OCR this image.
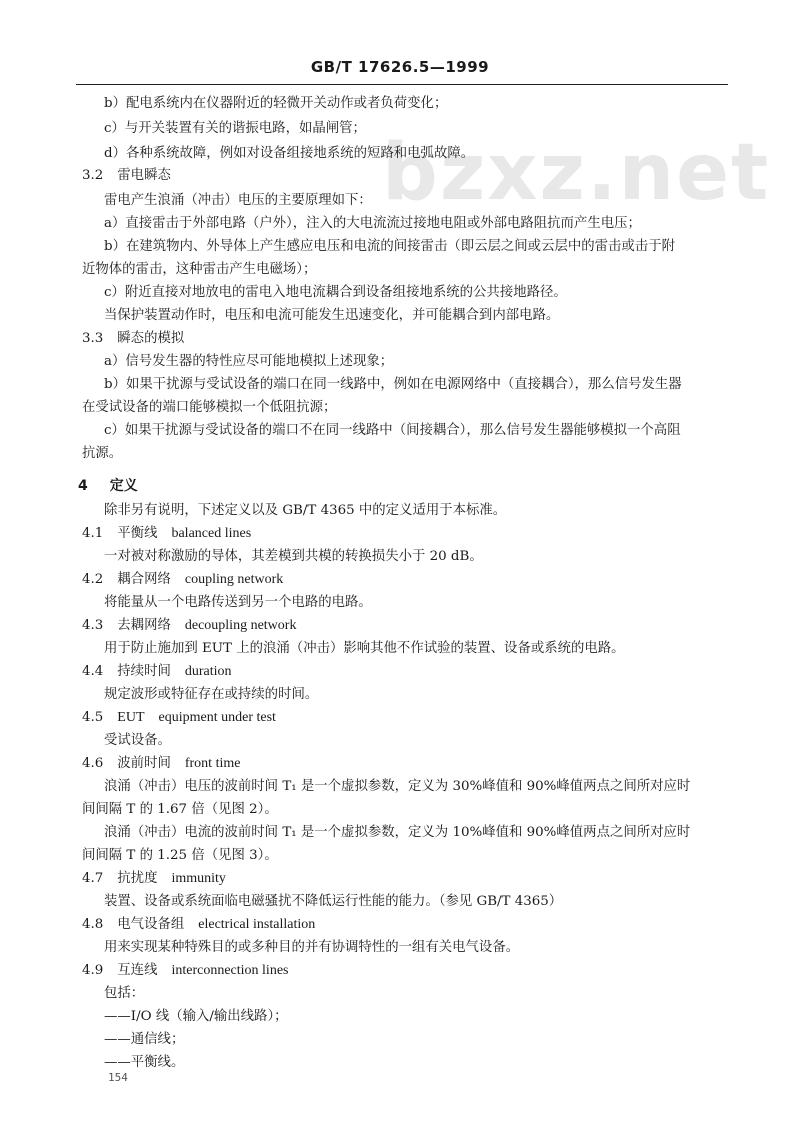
GB/T 17626.5—1999
bzxz.net
b）配电系统内在仪器附近的轻微开关动作或者负荷变化；
c）与开关装置有关的谐振电路，如晶闸管；
d）各种系统故障，例如对设备组接地系统的短路和电弧故障。
3.2 雷电瞬态
雷电产生浪涌（冲击）电压的主要原理如下：
a）直接雷击于外部电路（户外），注入的大电流流过接地电阻或外部电路阻抗而产生电压；
b）在建筑物内、外导体上产生感应电压和电流的间接雷击（即云层之间或云层中的雷击或击于附
近物体的雷击，这种雷击产生电磁场）；
c）附近直接对地放电的雷电入地电流耦合到设备组接地系统的公共接地路径。
当保护装置动作时，电压和电流可能发生迅速变化，并可能耦合到内部电路。
3.3 瞬态的模拟
a）信号发生器的特性应尽可能地模拟上述现象；
b）如果干扰源与受试设备的端口在同一线路中，例如在电源网络中（直接耦合），那么信号发生器
在受试设备的端口能够模拟一个低阻抗源；
c）如果干扰源与受试设备的端口不在同一线路中（间接耦合），那么信号发生器能够模拟一个高阻
抗源。
4 定义
除非另有说明，下述定义以及 GB/T 4365 中的定义适用于本标准。
4.1 平衡线 balanced lines
一对被对称激励的导体，其差模到共模的转换损失小于 20 dB。
4.2 耦合网络 coupling network
将能量从一个电路传送到另一个电路的电路。
4.3 去耦网络 decoupling network
用于防止施加到 EUT 上的浪涌（冲击）影响其他不作试验的装置、设备或系统的电路。
4.4 持续时间 duration
规定波形或特征存在或持续的时间。
4.5 EUT equipment under test
受试设备。
4.6 波前时间 front time
浪涌（冲击）电压的波前时间 T₁ 是一个虚拟参数，定义为 30%峰值和 90%峰值两点之间所对应时
间间隔 T 的 1.67 倍（见图 2）。
浪涌（冲击）电流的波前时间 T₁ 是一个虚拟参数，定义为 10%峰值和 90%峰值两点之间所对应时
间间隔 T 的 1.25 倍（见图 3）。
4.7 抗扰度 immunity
装置、设备或系统面临电磁骚扰不降低运行性能的能力。（参见 GB/T 4365）
4.8 电气设备组 electrical installation
用来实现某种特殊目的或多种目的并有协调特性的一组有关电气设备。
4.9 互连线 interconnection lines
包括：
——I/O 线（输入/输出线路）；
——通信线；
——平衡线。
154
